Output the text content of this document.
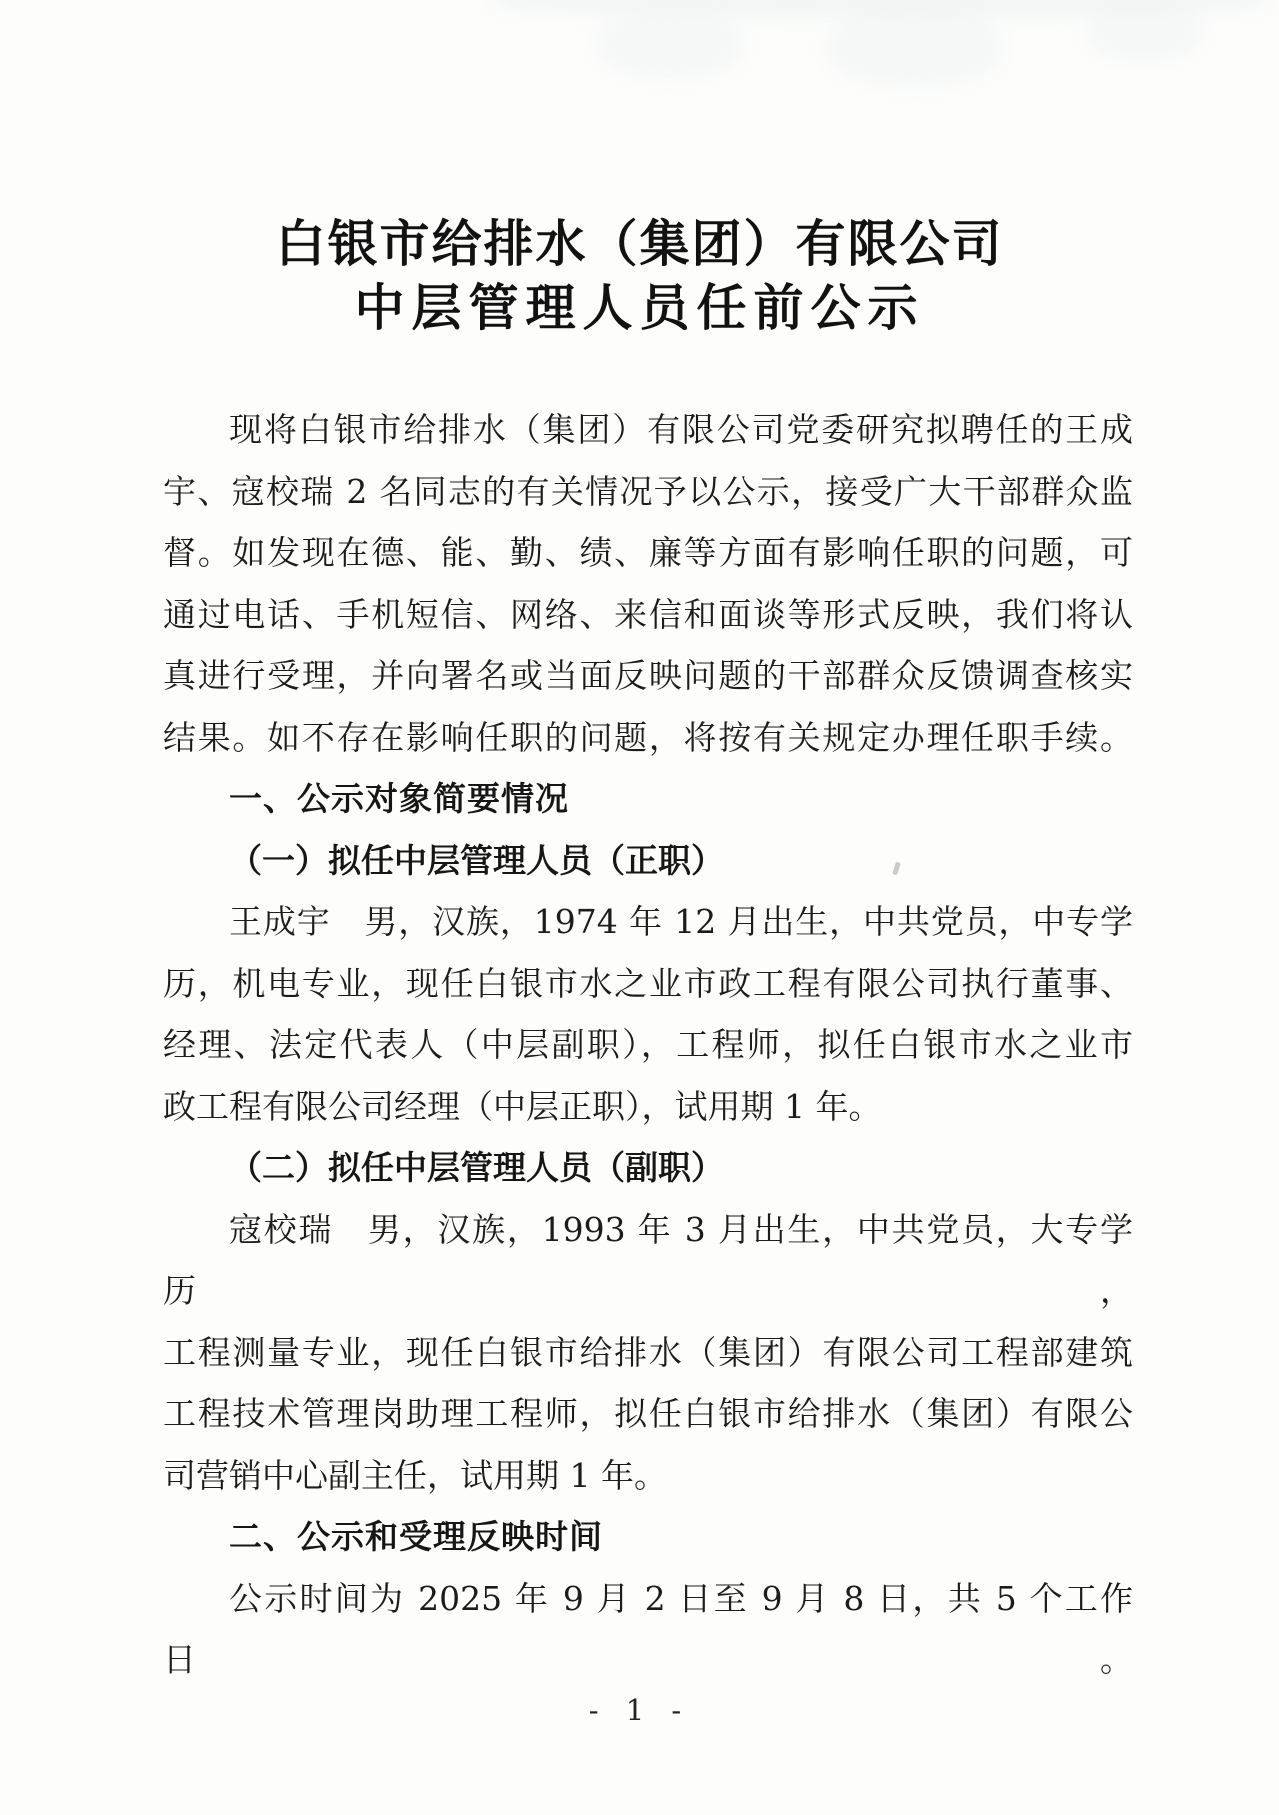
白银市给排水（集团）有限公司
中层管理人员任前公示
现将白银市给排水（集团）有限公司党委研究拟聘任的王成
宇、寇校瑞 2 名同志的有关情况予以公示，接受广大干部群众监
督。如发现在德、能、勤、绩、廉等方面有影响任职的问题，可
通过电话、手机短信、网络、来信和面谈等形式反映，我们将认
真进行受理，并向署名或当面反映问题的干部群众反馈调查核实
结果。如不存在影响任职的问题，将按有关规定办理任职手续。
一、公示对象简要情况
（一）拟任中层管理人员（正职）
王成宇　男，汉族，1974 年 12 月出生，中共党员，中专学
历，机电专业，现任白银市水之业市政工程有限公司执行董事、
经理、法定代表人（中层副职），工程师，拟任白银市水之业市
政工程有限公司经理（中层正职），试用期 1 年。
（二）拟任中层管理人员（副职）
寇校瑞　男，汉族，1993 年 3 月出生，中共党员，大专学历，
工程测量专业，现任白银市给排水（集团）有限公司工程部建筑
工程技术管理岗助理工程师，拟任白银市给排水（集团）有限公
司营销中心副主任，试用期 1 年。
二、公示和受理反映时间
公示时间为 2025 年 9 月 2 日至 9 月 8 日，共 5 个工作日。
- 1 -
